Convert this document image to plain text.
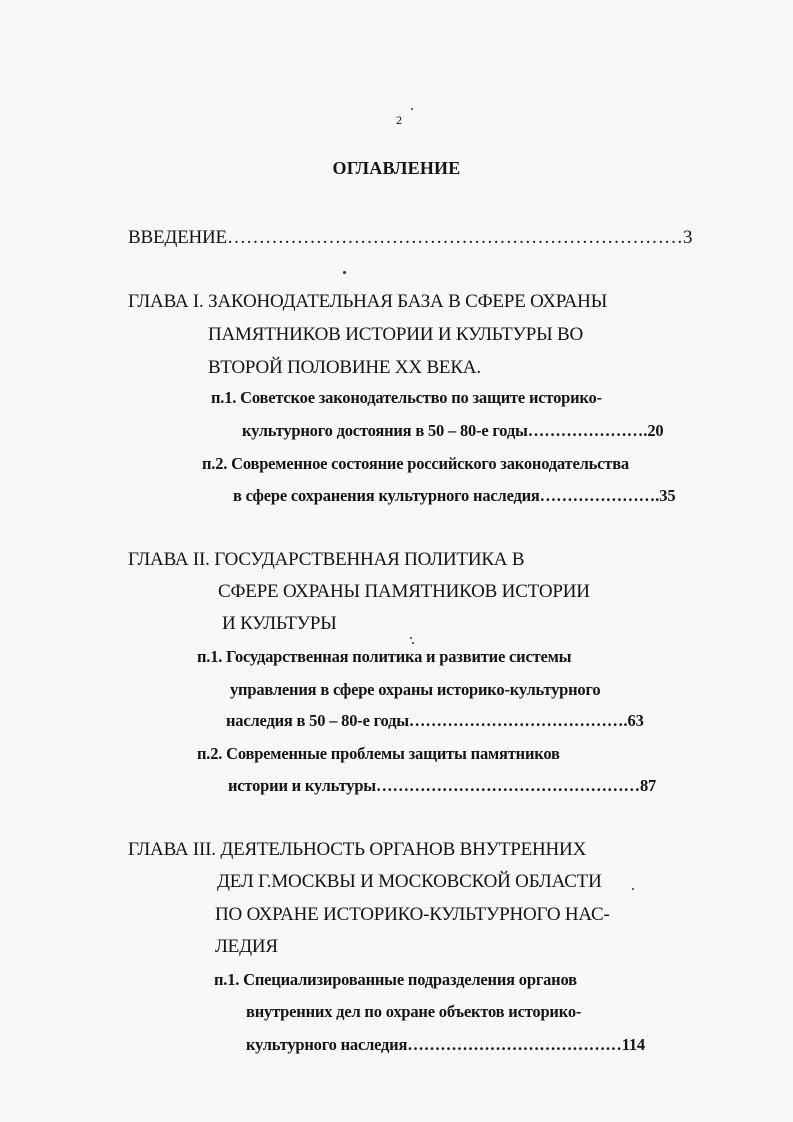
2
ОГЛАВЛЕНИЕ
ВВЕДЕНИЕ………………………………………………………………3
ГЛАВА I. ЗАКОНОДАТЕЛЬНАЯ БАЗА В СФЕРЕ ОХРАНЫ
ПАМЯТНИКОВ ИСТОРИИ И КУЛЬТУРЫ ВО
ВТОРОЙ ПОЛОВИНЕ XX ВЕКА.
п.1. Советское законодательство по защите историко-
культурного достояния в 50 – 80-е годы………………….20
п.2. Современное состояние российского законодательства
в сфере сохранения культурного наследия………………….35
ГЛАВА II. ГОСУДАРСТВЕННАЯ ПОЛИТИКА В
СФЕРЕ ОХРАНЫ ПАМЯТНИКОВ ИСТОРИИ
И КУЛЬТУРЫ
п.1. Государственная политика и развитие системы
управления в сфере охраны историко-культурного
наследия в 50 – 80-е годы………………………………….63
п.2. Современные проблемы защиты памятников
истории и культуры…………………………………………87
ГЛАВА III. ДЕЯТЕЛЬНОСТЬ ОРГАНОВ ВНУТРЕННИХ
ДЕЛ Г.МОСКВЫ И МОСКОВСКОЙ ОБЛАСТИ
ПО ОХРАНЕ ИСТОРИКО-КУЛЬТУРНОГО НАС-
ЛЕДИЯ
п.1. Специализированные подразделения органов
внутренних дел по охране объектов историко-
культурного наследия…………………………………114
